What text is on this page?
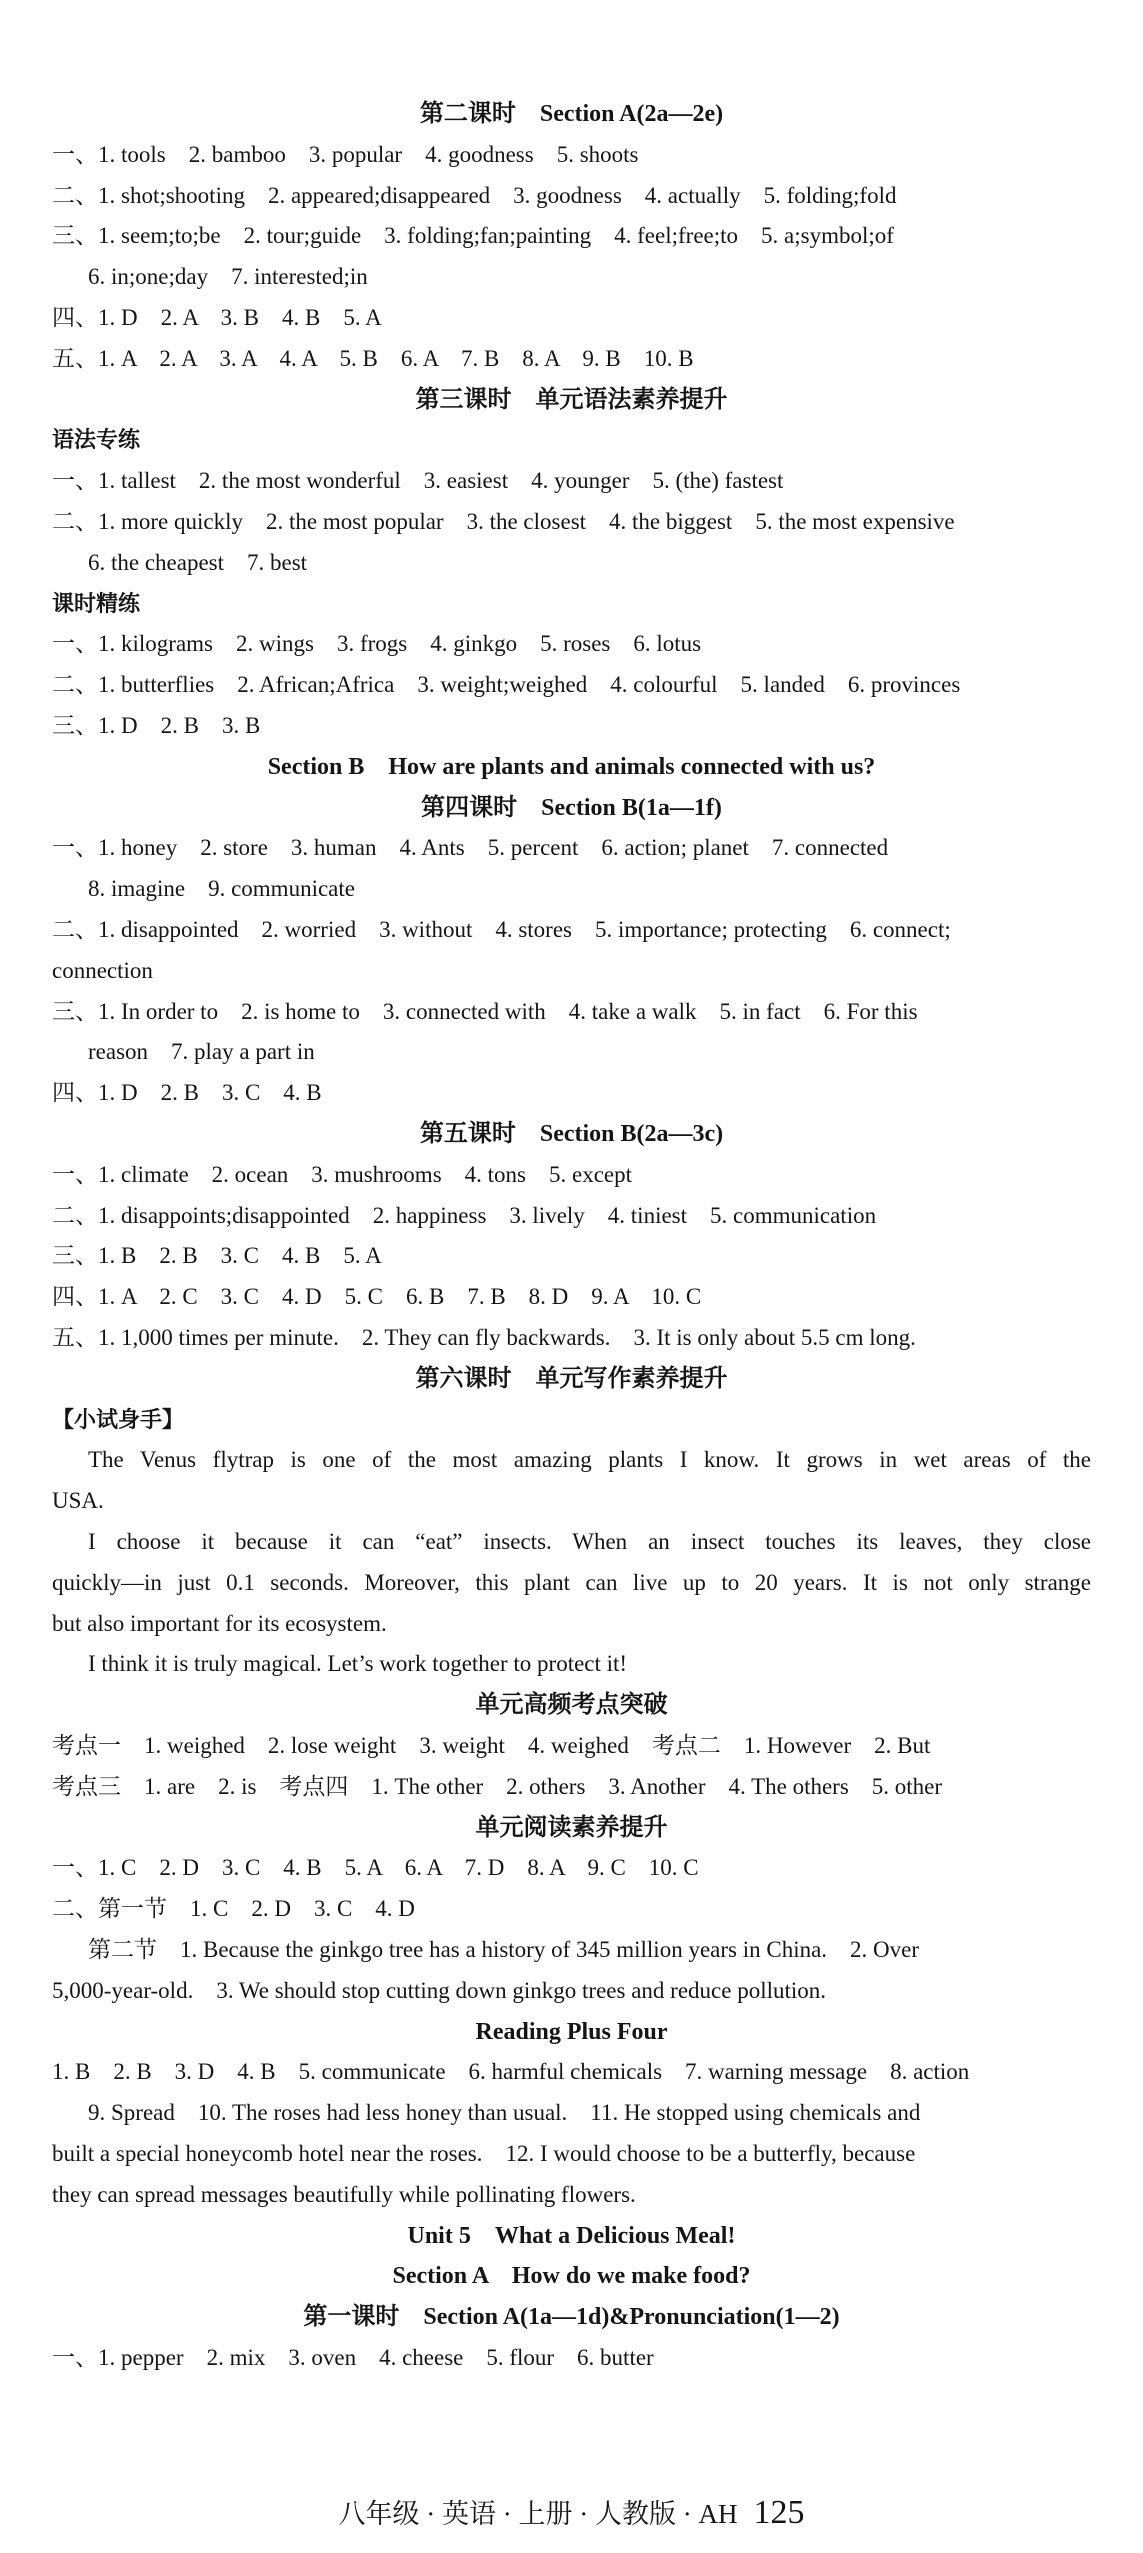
第二课时　Section A(2a—2e)
一、1. tools　2. bamboo　3. popular　4. goodness　5. shoots
二、1. shot;shooting　2. appeared;disappeared　3. goodness　4. actually　5. folding;fold
三、1. seem;to;be　2. tour;guide　3. folding;fan;painting　4. feel;free;to　5. a;symbol;of
6. in;one;day　7. interested;in
四、1. D　2. A　3. B　4. B　5. A
五、1. A　2. A　3. A　4. A　5. B　6. A　7. B　8. A　9. B　10. B
第三课时　单元语法素养提升
语法专练
一、1. tallest　2. the most wonderful　3. easiest　4. younger　5. (the) fastest
二、1. more quickly　2. the most popular　3. the closest　4. the biggest　5. the most expensive
6. the cheapest　7. best
课时精练
一、1. kilograms　2. wings　3. frogs　4. ginkgo　5. roses　6. lotus
二、1. butterflies　2. African;Africa　3. weight;weighed　4. colourful　5. landed　6. provinces
三、1. D　2. B　3. B
Section B　How are plants and animals connected with us?
第四课时　Section B(1a—1f)
一、1. honey　2. store　3. human　4. Ants　5. percent　6. action; planet　7. connected
8. imagine　9. communicate
二、1. disappointed　2. worried　3. without　4. stores　5. importance; protecting　6. connect;
connection
三、1. In order to　2. is home to　3. connected with　4. take a walk　5. in fact　6. For this
reason　7. play a part in
四、1. D　2. B　3. C　4. B
第五课时　Section B(2a—3c)
一、1. climate　2. ocean　3. mushrooms　4. tons　5. except
二、1. disappoints;disappointed　2. happiness　3. lively　4. tiniest　5. communication
三、1. B　2. B　3. C　4. B　5. A
四、1. A　2. C　3. C　4. D　5. C　6. B　7. B　8. D　9. A　10. C
五、1. 1,000 times per minute.　2. They can fly backwards.　3. It is only about 5.5 cm long.
第六课时　单元写作素养提升
【小试身手】
The Venus flytrap is one of the most amazing plants I know. It grows in wet areas of the
USA.
I choose it because it can “eat” insects. When an insect touches its leaves, they close
quickly—in just 0.1 seconds. Moreover, this plant can live up to 20 years. It is not only strange
but also important for its ecosystem.
I think it is truly magical. Let’s work together to protect it!
单元高频考点突破
考点一　1. weighed　2. lose weight　3. weight　4. weighed　考点二　1. However　2. But
考点三　1. are　2. is　考点四　1. The other　2. others　3. Another　4. The others　5. other
单元阅读素养提升
一、1. C　2. D　3. C　4. B　5. A　6. A　7. D　8. A　9. C　10. C
二、第一节　1. C　2. D　3. C　4. D
第二节　1. Because the ginkgo tree has a history of 345 million years in China.　2. Over
5,000-year-old.　3. We should stop cutting down ginkgo trees and reduce pollution.
Reading Plus Four
1. B　2. B　3. D　4. B　5. communicate　6. harmful chemicals　7. warning message　8. action
9. Spread　10. The roses had less honey than usual.　11. He stopped using chemicals and
built a special honeycomb hotel near the roses.　12. I would choose to be a butterfly, because
they can spread messages beautifully while pollinating flowers.
Unit 5　What a Delicious Meal!
Section A　How do we make food?
第一课时　Section A(1a—1d)&Pronunciation(1—2)
一、1. pepper　2. mix　3. oven　4. cheese　5. flour　6. butter
八年级 · 英语 · 上册 · 人教版 · AH 125
